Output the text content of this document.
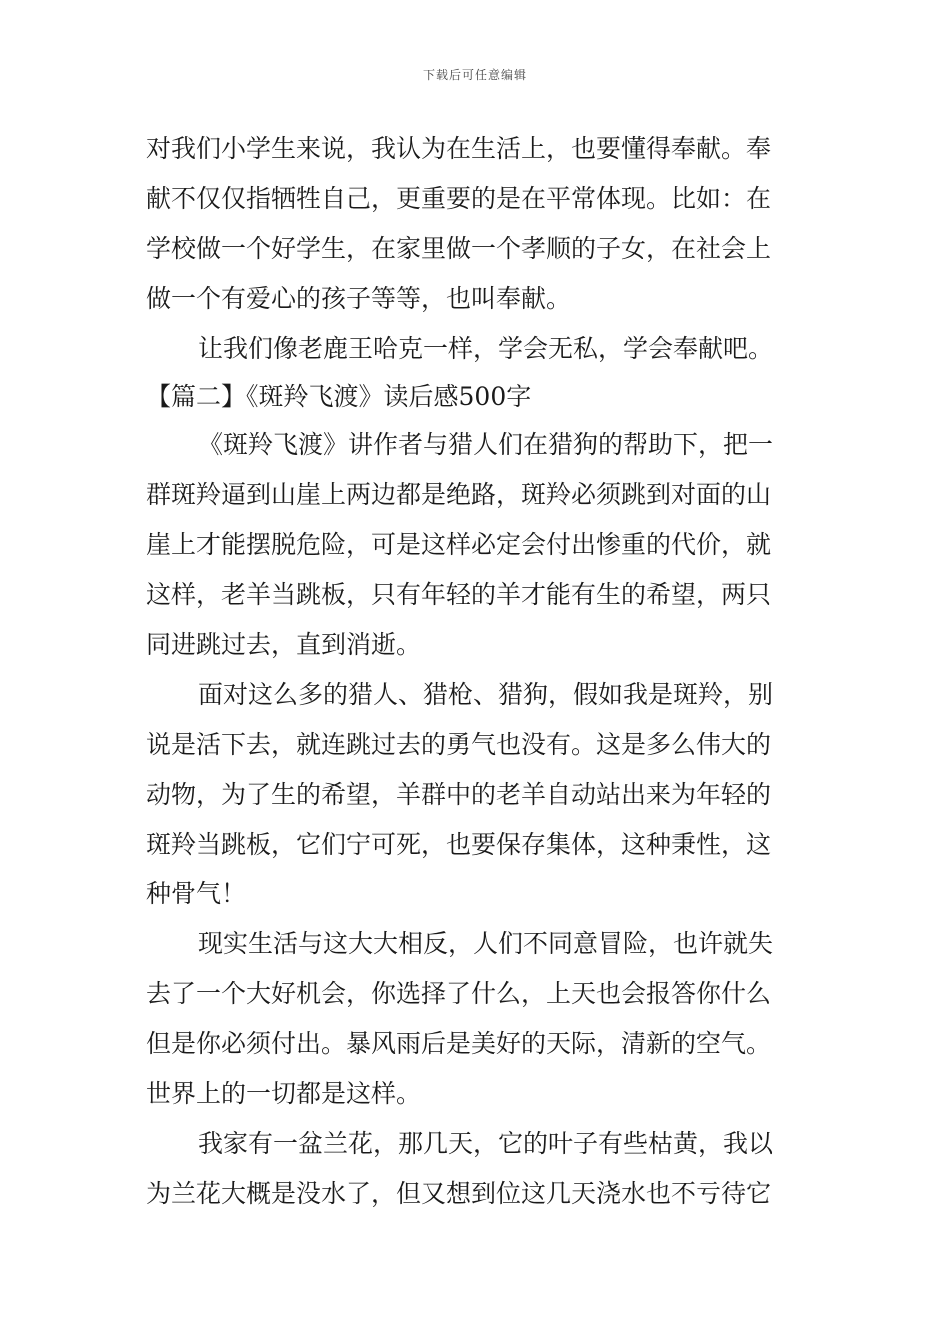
下载后可任意编辑
对我们小学生来说，我认为在生活上，也要懂得奉献。奉
献不仅仅指牺牲自己，更重要的是在平常体现。比如：在
学校做一个好学生，在家里做一个孝顺的子女，在社会上
做一个有爱心的孩子等等，也叫奉献。
让我们像老鹿王哈克一样，学会无私，学会奉献吧。
【篇二】《斑羚飞渡》读后感500字
《斑羚飞渡》讲作者与猎人们在猎狗的帮助下，把一
群斑羚逼到山崖上两边都是绝路，斑羚必须跳到对面的山
崖上才能摆脱危险，可是这样必定会付出惨重的代价，就
这样，老羊当跳板，只有年轻的羊才能有生的希望，两只
同进跳过去，直到消逝。
面对这么多的猎人、猎枪、猎狗，假如我是斑羚，别
说是活下去，就连跳过去的勇气也没有。这是多么伟大的
动物，为了生的希望，羊群中的老羊自动站出来为年轻的
斑羚当跳板，它们宁可死，也要保存集体，这种秉性，这
种骨气！
现实生活与这大大相反，人们不同意冒险，也许就失
去了一个大好机会，你选择了什么，上天也会报答你什么
但是你必须付出。暴风雨后是美好的天际，清新的空气。
世界上的一切都是这样。
我家有一盆兰花，那几天，它的叶子有些枯黄，我以
为兰花大概是没水了，但又想到位这几天浇水也不亏待它
